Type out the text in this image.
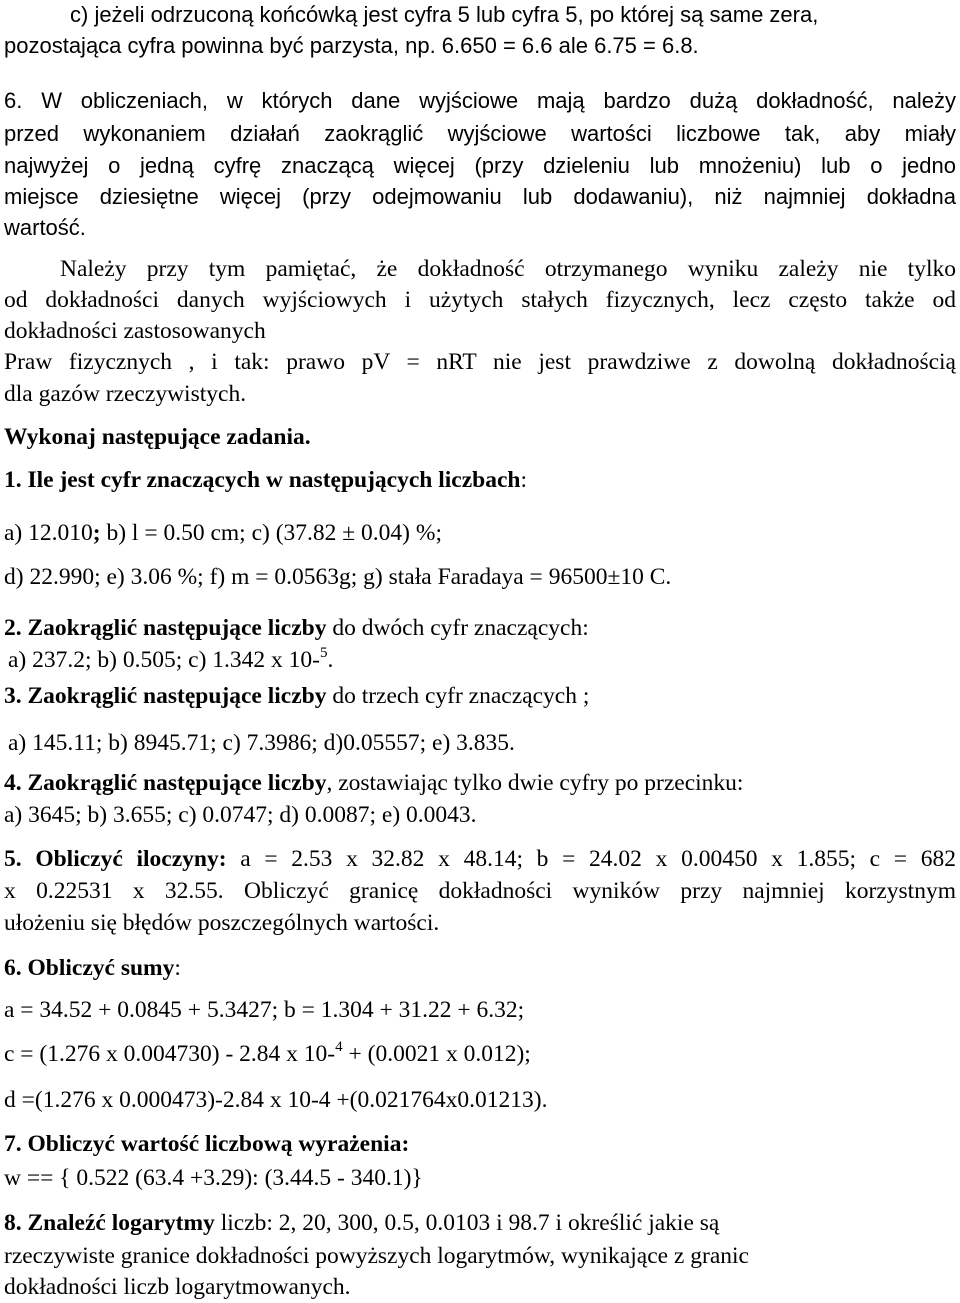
c) jeżeli odrzuconą końcówką jest cyfra 5 lub cyfra 5, po której są same zera,
pozostająca cyfra powinna być parzysta, np. 6.650 = 6.6 ale 6.75 = 6.8.
6. W obliczeniach, w których dane wyjściowe mają bardzo dużą dokładność, należy
przed wykonaniem działań zaokrąglić wyjściowe wartości liczbowe tak, aby miały
najwyżej o jedną cyfrę znaczącą więcej (przy dzieleniu lub mnożeniu) lub o jedno
miejsce dziesiętne więcej (przy odejmowaniu lub dodawaniu), niż najmniej dokładna
wartość.
Należy przy tym pamiętać, że dokładność otrzymanego wyniku zależy nie tylko
od dokładności danych wyjściowych i użytych stałych fizycznych, lecz często także od
dokładności zastosowanych
Praw fizycznych , i tak: prawo pV = nRT nie jest prawdziwe z dowolną dokładnością
dla gazów rzeczywistych.
Wykonaj następujące zadania.
1. Ile jest cyfr znaczących w następujących liczbach:
a) 12.010; b) l = 0.50 cm; c) (37.82 ± 0.04) %;
d) 22.990; e) 3.06 %; f) m = 0.0563g; g) stała Faradaya = 96500±10 C.
2. Zaokrąglić następujące liczby do dwóch cyfr znaczących:
a) 237.2; b) 0.505; c) 1.342 x 10-$^5$.
3. Zaokrąglić następujące liczby do trzech cyfr znaczących ;
a) 145.11; b) 8945.71; c) 7.3986; d)0.05557; e) 3.835.
4. Zaokrąglić następujące liczby, zostawiając tylko dwie cyfry po przecinku:
a) 3645; b) 3.655; c) 0.0747; d) 0.0087; e) 0.0043.
5. Obliczyć iloczyny: a = 2.53 x 32.82 x 48.14; b = 24.02 x 0.00450 x 1.855; c = 682
x 0.22531 x 32.55. Obliczyć granicę dokładności wyników przy najmniej korzystnym
ułożeniu się błędów poszczególnych wartości.
6. Obliczyć sumy:
a = 34.52 + 0.0845 + 5.3427; b = 1.304 + 31.22 + 6.32;
c = (1.276 x 0.004730) - 2.84 x 10-$^4$ + (0.0021 x 0.012);
d =(1.276 x 0.000473)-2.84 x 10-4 +(0.021764x0.01213).
7. Obliczyć wartość liczbową wyrażenia:
w == { 0.522 (63.4 +3.29): (3.44.5 - 340.1)}
8. Znaleźć logarytmy liczb: 2, 20, 300, 0.5, 0.0103 i 98.7 i określić jakie są
rzeczywiste granice dokładności powyższych logarytmów, wynikające z granic
dokładności liczb logarytmowanych.
